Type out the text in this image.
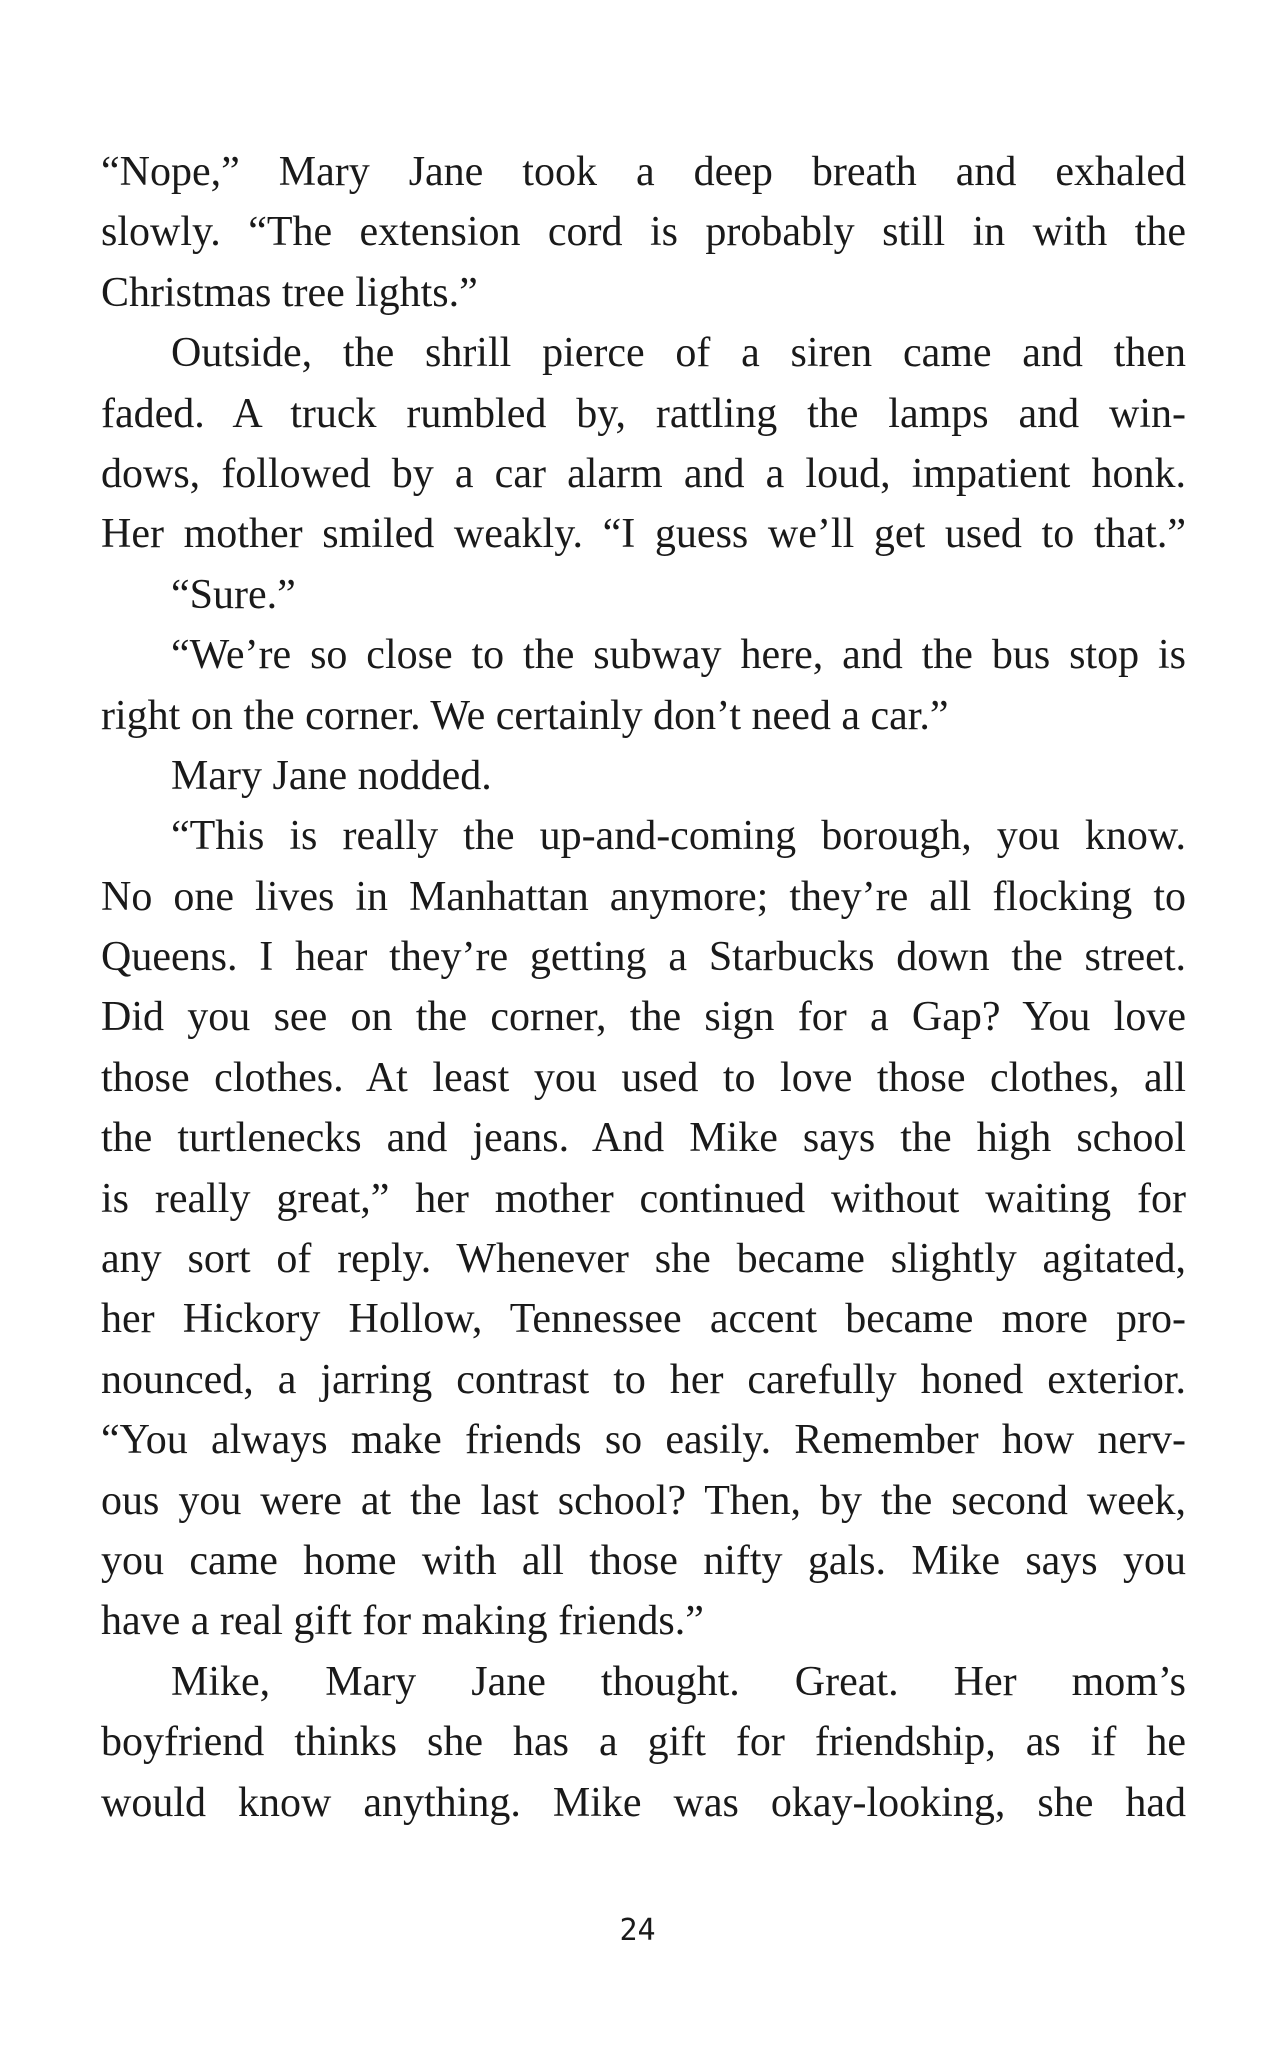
“Nope,” Mary Jane took a deep breath and exhaled
slowly. “The extension cord is probably still in with the
Christmas tree lights.”
Outside, the shrill pierce of a siren came and then
faded. A truck rumbled by, rattling the lamps and win-
dows, followed by a car alarm and a loud, impatient honk.
Her mother smiled weakly. “I guess we’ll get used to that.”
“Sure.”
“We’re so close to the subway here, and the bus stop is
right on the corner. We certainly don’t need a car.”
Mary Jane nodded.
“This is really the up-and-coming borough, you know.
No one lives in Manhattan anymore; they’re all flocking to
Queens. I hear they’re getting a Starbucks down the street.
Did you see on the corner, the sign for a Gap? You love
those clothes. At least you used to love those clothes, all
the turtlenecks and jeans. And Mike says the high school
is really great,” her mother continued without waiting for
any sort of reply. Whenever she became slightly agitated,
her Hickory Hollow, Tennessee accent became more pro-
nounced, a jarring contrast to her carefully honed exterior.
“You always make friends so easily. Remember how nerv-
ous you were at the last school? Then, by the second week,
you came home with all those nifty gals. Mike says you
have a real gift for making friends.”
Mike, Mary Jane thought. Great. Her mom’s
boyfriend thinks she has a gift for friendship, as if he
would know anything. Mike was okay-looking, she had
24
